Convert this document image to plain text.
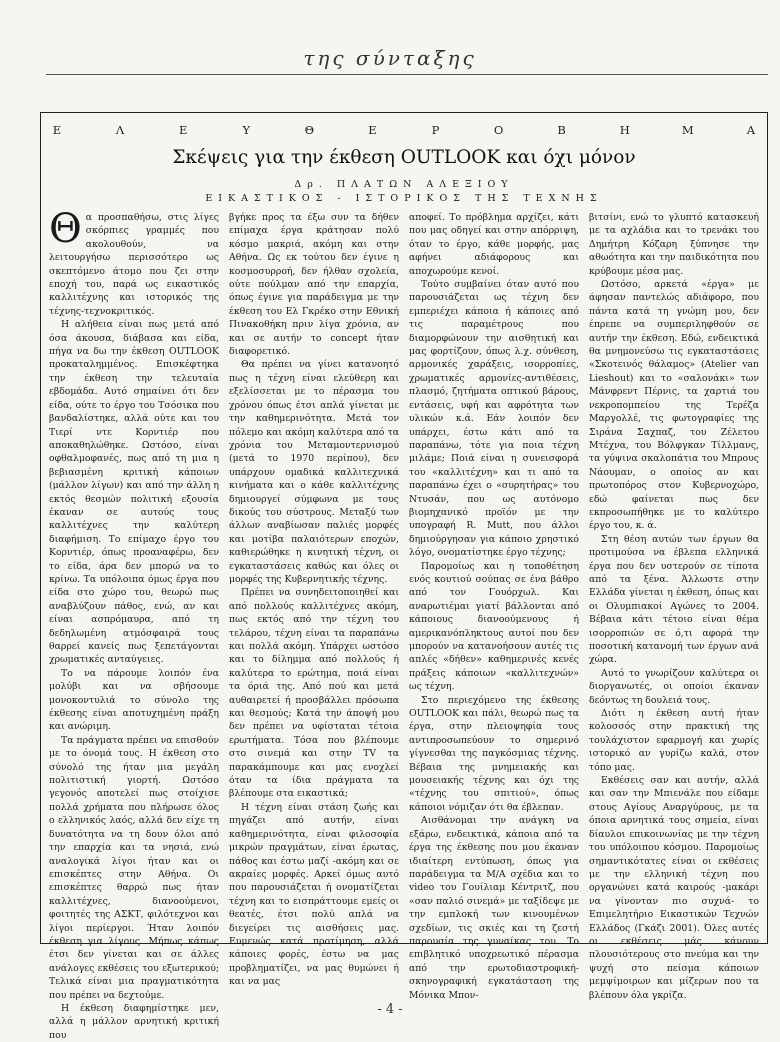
της σύνταξης
Ε	Λ	Ε	Υ	Θ	Ε	Ρ	Ο	Β	Η	Μ	Α
Σκέψεις για την έκθεση OUTLOOK και όχι μόνον
Δρ. ΠΛΑΤΩΝ ΑΛΕΞΙΟΥ
ΕΙΚΑΣΤΙΚΟΣ - ΙΣΤΟΡΙΚΟΣ ΤΗΣ ΤΕΧΝΗΣ

Θα προσπαθήσω, στις λίγες σκόρπιες γραμμές που ακολουθούν, να λειτουργήσω περισσότερο ως σκεπτόμενο άτομο που ζει στην εποχή του, παρά ως εικαστικός καλλιτέχνης και ιστορικός της τέχνης-τεχνοκριτικός.

Η αλήθεια είναι πως μετά από όσα άκουσα, διάβασα και είδα, πήγα να δω την έκθεση OUTLOOK προκαταλημμένος. Επισκέφτηκα την έκθεση την τελευταία εβδομάδα. Αυτό σημαίνει ότι δεν είδα, ούτε το έργο του Τσόσικα που βανδαλίστηκε, αλλά ούτε και του Τιερί ντε Κορντιέρ που αποκαθηλώθηκε. Ωστόσο, είναι οφθαλμοφανές, πως από τη μια η βεβιασμένη κριτική κάποιων (μάλλον λίγων) και από την άλλη η εκτός θεσμών πολιτική εξουσία έκαναν σε αυτούς τους καλλιτέχνες την καλύτερη διαφήμιση. Το επίμαχο έργο του Κορντιέρ, όπως προαναφέρω, δεν το είδα, άρα δεν μπορώ να το κρίνω. Τα υπόλοιπα όμως έργα που είδα στο χώρο του, θεωρώ πως αναβλύζουν πάθος, ενώ, αν και είναι ασπρόμαυρα, από τη δεδηλωμένη ατμόσφαιρά τους θαρρεί κανείς πως ξεπετάγονται χρωματικές ανταύγειες.

Το να πάρουμε λοιπόν ένα μολύβι και να σβήσουμε μονοκοντυλιά το σύνολο της έκθεσης είναι αποτυχημένη πράξη και ανώριμη.

Τα πράγματα πρέπει να επισθούν με το όνομά τους. Η έκθεση στο σύνολό της ήταν μια μεγάλη πολιτιστική γιορτή. Ωστόσο γεγονός αποτελεί πως στοίχισε πολλά χρήματα που πλήρωσε όλος ο ελληνικός λαός, αλλά δεν είχε τη δυνατότητα να τη δουν όλοι από την επαρχία και τα νησιά, ενώ αναλογικά λίγοι ήταν και οι επισκέπτες στην Αθήνα. Οι επισκέπτες θαρρώ πως ήταν καλλιτέχνες, διανοούμενοι, φοιτητές της ΑΣΚΤ, φιλότεχνοι και λίγοι περίεργοι. Ήταν λοιπόν έκθεση για λίγους. Μήπως κάπως έτσι δεν γίνεται και σε άλλες ανάλογες εκθέσεις του εξωτερικού; Τελικά είναι μια πραγματικότητα που πρέπει να δεχτούμε.

Η έκθεση διαφημίστηκε μεν, αλλά η μάλλον αρνητική κριτική που

βγήκε προς τα έξω συν τα δήθεν επίμαχα έργα κράτησαν πολύ κόσμο μακριά, ακόμη και στην Αθήνα. Ως εκ τούτου δεν έγινε η κοσμοσυρροή, δεν ήλθαν σχολεία, ούτε πούλμαν από την επαρχία, όπως έγινε για παράδειγμα με την έκθεση του Ελ Γκρέκο στην Εθνική Πινακοθήκη πριν λίγα χρόνια, αν και σε αυτήν το concept ήταν διαφορετικό.

Θα πρέπει να γίνει κατανοητό πως η τέχνη είναι ελεύθερη και εξελίσσεται με το πέρασμα του χρόνου όπως έτσι απλά γίνεται με την καθημερινότητα. Μετά τον πόλεμο και ακόμη καλύτερα από τα χρόνια του Μεταμοντερνισμού (μετά το 1970 περίπου), δεν υπάρχουν ομαδικά καλλιτεχνικά κινήματα και ο κάθε καλλιτέχνης δημιουργεί σύμφωνα με τους δικούς του σύστρους. Μεταξύ των άλλων αναβίωσαν παλιές μορφές και μοτίβα παλαιότερων εποχών, καθιερώθηκε η κινητική τέχνη, οι εγκαταστάσεις καθώς και όλες οι μορφές της Κυβερνητικής τέχνης.

Πρέπει να συνηδειτοποιηθεί και από πολλούς καλλιτέχνες ακόμη, πως εκτός από την τέχνη του τελάρου, τέχνη είναι τα παραπάνω και πολλά ακόμη. Υπάρχει ωστόσο και το δίλημμα από πολλούς ή καλύτερα το ερώτημα, ποιά είναι τα όριά της. Από πού και μετά αυθαιρετεί ή προσβάλλει πρόσωπα και θεσμούς; Κατά την άποψή μου δεν πρέπει να υφίσταται τέτοια ερωτήματα. Τόσα που βλέπουμε στο σινεμά και στην TV τα παρακάμπουμε και μας ενοχλεί όταν τα ίδια πράγματα τα βλέπουμε στα εικαστικά;

Η τέχνη είναι στάση ζωής και πηγάζει από αυτήν, είναι καθημερινότητα, είναι φιλοσοφία μικρών πραγμάτων, είναι έρωτας, πάθος και έστω μαζί -ακόμη και σε ακραίες μορφές. Αρκεί όμως αυτό που παρουσιάζεται ή ονοματίζεται τέχνη και το εισπράττουμε εμείς οι θεατές, έτσι πολύ απλά να διεγείρει τις αισθήσεις μας. Ευμενώς κατά προτίμηση, αλλά κάποιες φορές, έστω να μας προβληματίζει, να μας θυμώνει ή και να μας

αποφεί. Το πρόβλημα αρχίζει, κάτι που μας οδηγεί και στην απόρριψη, όταν το έργο, κάθε μορφής, μας αφήνει αδιάφορους και αποχωρούμε κενοί.

Τούτο συμβαίνει όταν αυτό που παρουσιάζεται ως τέχνη δεν εμπεριέχει κάποια ή κάποιες από τις παραμέτρους που διαμορφώνουν την αισθητική και μας φορτίζουν, όπως λ.χ. σύνθεση, αρμονικές χαράξεις, ισορροπίες, χρωματικές αρμονίες-αντιθέσεις, πλασμό, ζητήματα οπτικού βάρους, εντάσεις, υφή και αφρότητα των υλικών κ.ά. Εάν λοιπόν δεν υπάρχει, έστω κάτι από τα παραπάνω, τότε για ποια τέχνη μιλάμε; Ποιά είναι η συνεισφορά του «καλλιτέχνη» και τι από τα παραπάνω έχει ο «συρητήρας» του Ντυσάν, που ως αυτόνομο βιομηχανικό προϊόν με την υπογραφή R. Mutt, που άλλοι δημιούργησαν για κάποιο χρηστικό λόγο, ονοματίστηκε έργο τέχνης;

Παρομοίως και η τοποθέτηση ενός κουτιού σούπας σε ένα βάθρο από τον Γουόρχωλ. Και αναρωτιέμαι γιατί βάλλονται από κάποιους διανοούμενους ή αμερικανόπληκτους αυτοί που δεν μπορούν να κατανοήσουν αυτές τις απλές «δήθεν» καθημερινές κενές πράξεις κάποιων «καλλιτεχνών» ως τέχνη.

Στο περιεχόμενο της έκθεσης OUTLOOK και πάλι, θεωρώ πως τα έργα, στην πλειοψηφία τους αντιπροσωπεύουν το σημερινό γίγνεσθαι της παγκόσμιας τέχνης. Βέβαια της μνημειακής και μουσειακής τέχνης και όχι της «τέχνης του σπιτιού», όπως κάποιοι νόμιζαν ότι θα έβλεπαν.

Αισθάνομαι την ανάγκη να εξάρω, ενδεικτικά, κάποια από τα έργα της έκθεσης που μου έκαναν ιδιαίτερη εντύπωση, όπως για παράδειγμα τα M/A σχέδια και το video του Γουίλιαμ Κέντριτζ, που «σαν παλιό σινεμά» με ταξίδεψε με την εμπλοκή των κινουμένων σχεδίων, τις σκιές και τη ζεστή παρουσία της γυναίκας του. Το επιβλητικό υποχρεωτικό πέρασμα από την ερωτοδιαστροφική-σκηνογραφική εγκατάσταση της Μόνικα Μπον-

βιτσίνι, ενώ το γλυπτό κατασκευή με τα αχλάδια και το τρενάκι του Δημήτρη Κόζαρη ξύπνησε την αθωότητα και την παιδικότητα που κρύβουμε μέσα μας.

Ωστόσο, αρκετά «έργα» με άφησαν παντελώς αδιάφορο, που πάντα κατά τη γνώμη μου, δεν έπρεπε να συμπεριληφθούν σε αυτήν την έκθεση. Εδώ, ενδεικτικά θα μνημονεύσω τις εγκαταστάσεις «Σκοτεινός θάλαμος» (Atelier van Lieshout) και το «σαλονάκι» των Μάνφρεντ Πέρνις, τα χαρτιά του νεκροπομπείου της Τερέζα Μαργολλέ, τις φωτογραφίες της Σιράνα Σαχπαζ, του Ζέλετου Μτέχνα, του Βόλφγκαν Τίλλμανς, τα γύψινα σκαλοπάτια του Μπρους Νάουμαν, ο οποίος αν και πρωτοπόρος στον Κυβερνοχώρο, εδώ φαίνεται πως δεν εκπροσωπήθηκε με το καλύτερο έργο του, κ. ά.

Στη θέση αυτών των έργων θα προτιμούσα να έβλεπα ελληνικά έργα που δεν υστερούν σε τίποτα από τα ξένα. Άλλωστε στην Ελλάδα γίνεται η έκθεση, όπως και οι Ολυμπιακοί Αγώνες το 2004. Βέβαια κάτι τέτοιο είναι θέμα ισορροπιών σε ό,τι αφορά την ποσοτική κατανομή των έργων ανά χώρα.

Αυτό το γνωρίζουν καλύτερα οι διοργανωτές, οι οποίοι έκαναν δεόντως τη δουλειά τους.

Διότι η έκθεση αυτή ήταν κολοσσός στην πρακτική της τουλάχιστον εφαρμογή και χωρίς ιστορικό αν γυρίζω καλά, στον τόπο μας.

Εκθέσεις σαν και αυτήν, αλλά και σαν την Μπιενάλε που είδαμε στους Αγίους Αναργύρους, με τα όποια αρνητικά τους σημεία, είναι δίαυλοι επικοινωνίας με την τέχνη του υπόλοιπου κόσμου. Παρομοίως σημαντικότατες είναι οι εκθέσεις με την ελληνική τέχνη που οργανώνει κατά καιρούς -μακάρι να γίνονταν πιο συχνά- το Επιμελητήριο Εικαστικών Τεχνών Ελλάδος (Γκάζι 2001). Όλες αυτές οι εκθέσεις μάς κάνουν πλουσιότερους στο πνεύμα και την ψυχή στο πείσμα κάποιων μεμψίμοιρων και μίζερων που τα βλέπουν όλα γκρίζα.

- 4 -
